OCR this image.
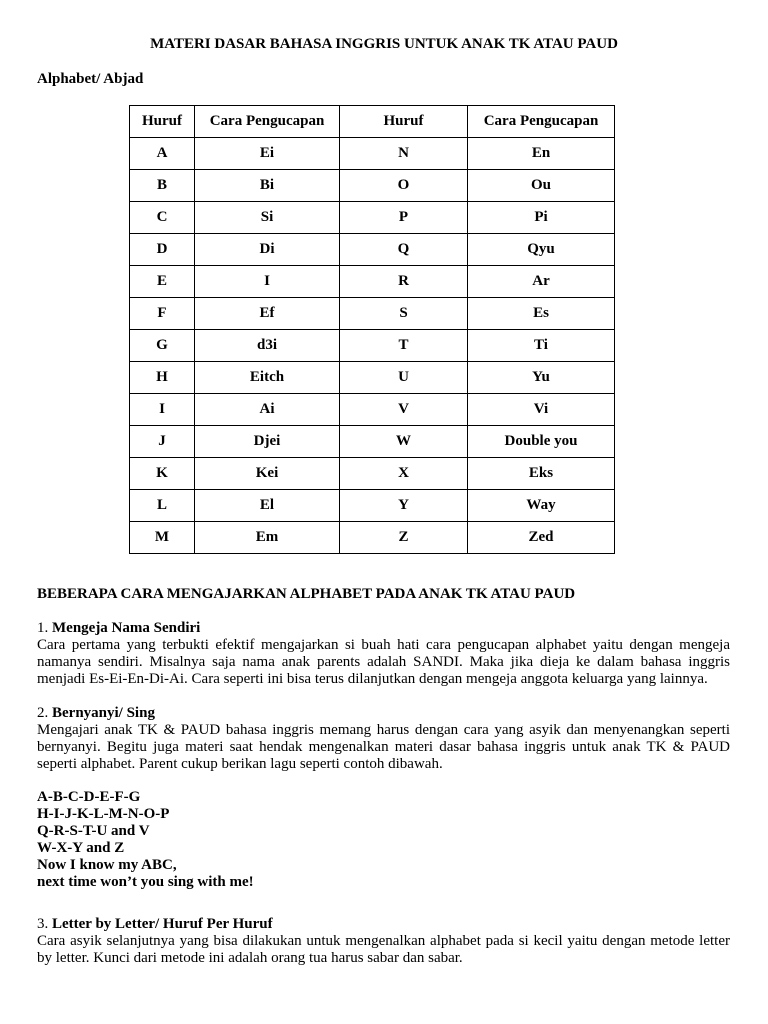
MATERI DASAR BAHASA INGGRIS UNTUK ANAK TK ATAU PAUD
Alphabet/ Abjad
Huruf	Cara Pengucapan	Huruf	Cara Pengucapan
A	Ei	N	En
B	Bi	O	Ou
C	Si	P	Pi
D	Di	Q	Qyu
E	I	R	Ar
F	Ef	S	Es
G	d3i	T	Ti
H	Eitch	U	Yu
I	Ai	V	Vi
J	Djei	W	Double you
K	Kei	X	Eks
L	El	Y	Way
M	Em	Z	Zed
BEBERAPA CARA MENGAJARKAN ALPHABET PADA ANAK TK ATAU PAUD
1. Mengeja Nama Sendiri

Cara pertama yang terbukti efektif mengajarkan si buah hati cara pengucapan alphabet yaitu dengan mengeja namanya sendiri. Misalnya saja nama anak parents adalah SANDI. Maka jika dieja ke dalam bahasa inggris menjadi Es-Ei-En-Di-Ai. Cara seperti ini bisa terus dilanjutkan dengan mengeja anggota keluarga yang lainnya.

2. Bernyanyi/ Sing

Mengajari anak TK & PAUD bahasa inggris memang harus dengan cara yang asyik dan menyenangkan seperti bernyanyi. Begitu juga materi saat hendak mengenalkan materi dasar bahasa inggris untuk anak TK & PAUD seperti alphabet. Parent cukup berikan lagu seperti contoh dibawah.

A-B-C-D-E-F-G
H-I-J-K-L-M-N-O-P
Q-R-S-T-U and V
W-X-Y and Z
Now I know my ABC,
next time won’t you sing with me!
3. Letter by Letter/ Huruf Per Huruf

Cara asyik selanjutnya yang bisa dilakukan untuk mengenalkan alphabet pada si kecil yaitu dengan metode letter by letter. Kunci dari metode ini adalah orang tua harus sabar dan sabar.
